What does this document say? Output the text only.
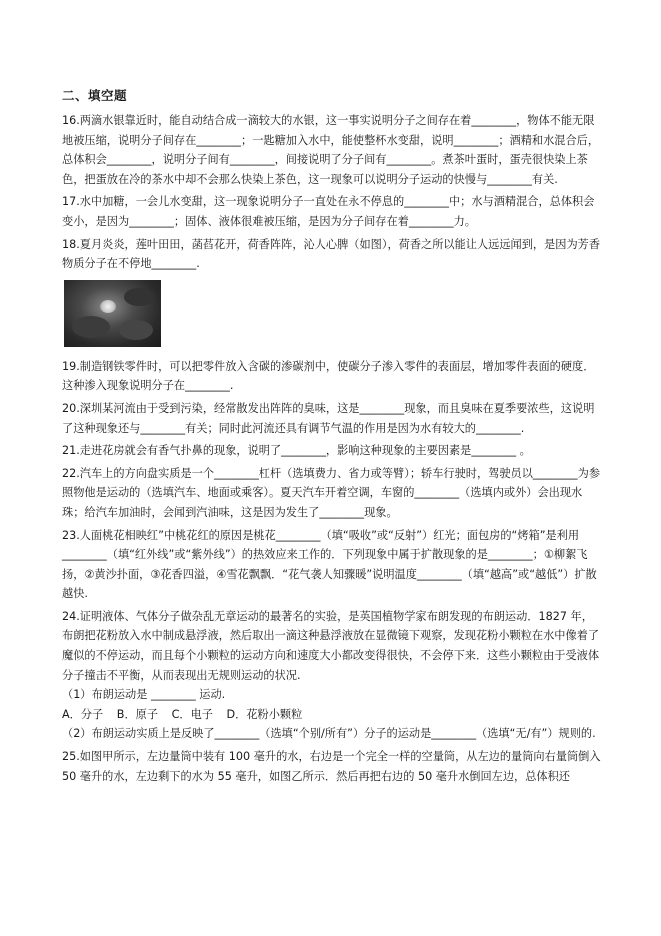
二、填空题

16.两滴水银靠近时，能自动结合成一滴较大的水银，这一事实说明分子之间存在着________，物体不能无限地被压缩，说明分子间存在________；一匙糖加入水中，能使整杯水变甜，说明________；酒精和水混合后，总体积会________，说明分子间有________，间接说明了分子间有________。煮茶叶蛋时，蛋壳很快染上茶色，把蛋放在冷的茶水中却不会那么快染上茶色，这一现象可以说明分子运动的快慢与________有关.

17.水中加糖，一会儿水变甜，这一现象说明分子一直处在永不停息的________中；水与酒精混合，总体积会变小，是因为________；固体、液体很难被压缩，是因为分子间存在着________力。

18.夏月炎炎，莲叶田田，菡萏花开，荷香阵阵，沁人心脾（如图），荷香之所以能让人远远闻到，是因为芳香物质分子在不停地________.

19.制造钢铁零件时，可以把零件放入含碳的渗碳剂中，使碳分子渗入零件的表面层，增加零件表面的硬度．这种渗入现象说明分子在________.

20.深圳某河流由于受到污染，经常散发出阵阵的臭味，这是________现象，而且臭味在夏季要浓些，这说明了这种现象还与________有关；同时此河流还具有调节气温的作用是因为水有较大的________.

21.走进花房就会有香气扑鼻的现象，说明了________，影响这种现象的主要因素是________ 。

22.汽车上的方向盘实质是一个________杠杆（选填费力、省力或等臂）；轿车行驶时，驾驶员以________为参照物他是运动的（选填汽车、地面或乘客）。夏天汽车开着空调，车窗的________（选填内或外）会出现水珠；给汽车加油时，会闻到汽油味，这是因为发生了________现象。

23.人面桃花相映红”中桃花红的原因是桃花________（填“吸收”或“反射”）红光；面包房的“烤箱”是利用________（填“红外线”或“紫外线”）的热效应来工作的．下列现象中属于扩散现象的是________；①柳絮飞扬，②黄沙扑面，③花香四溢，④雪花飘飘．“花气袭人知骤暖”说明温度________（填“越高”或“越低”）扩散越快.

24.证明液体、气体分子做杂乱无章运动的最著名的实验，是英国植物学家布朗发现的布朗运动．1827 年，布朗把花粉放入水中制成悬浮液，然后取出一滴这种悬浮液放在显微镜下观察，发现花粉小颗粒在水中像着了魔似的不停运动，而且每个小颗粒的运动方向和速度大小都改变得很快，不会停下来．这些小颗粒由于受液体分子撞击不平衡，从而表现出无规则运动的状况.

（1）布朗运动是 ________ 运动.

A．分子 B．原子 C．电子 D．花粉小颗粒

（2）布朗运动实质上是反映了________（选填“个别/所有”）分子的运动是________（选填“无/有”）规则的.

25.如图甲所示，左边量筒中装有 100 毫升的水，右边是一个完全一样的空量筒，从左边的量筒向右量筒倒入 50 毫升的水，左边剩下的水为 55 毫升，如图乙所示．然后再把右边的 50 毫升水倒回左边，总体积还
